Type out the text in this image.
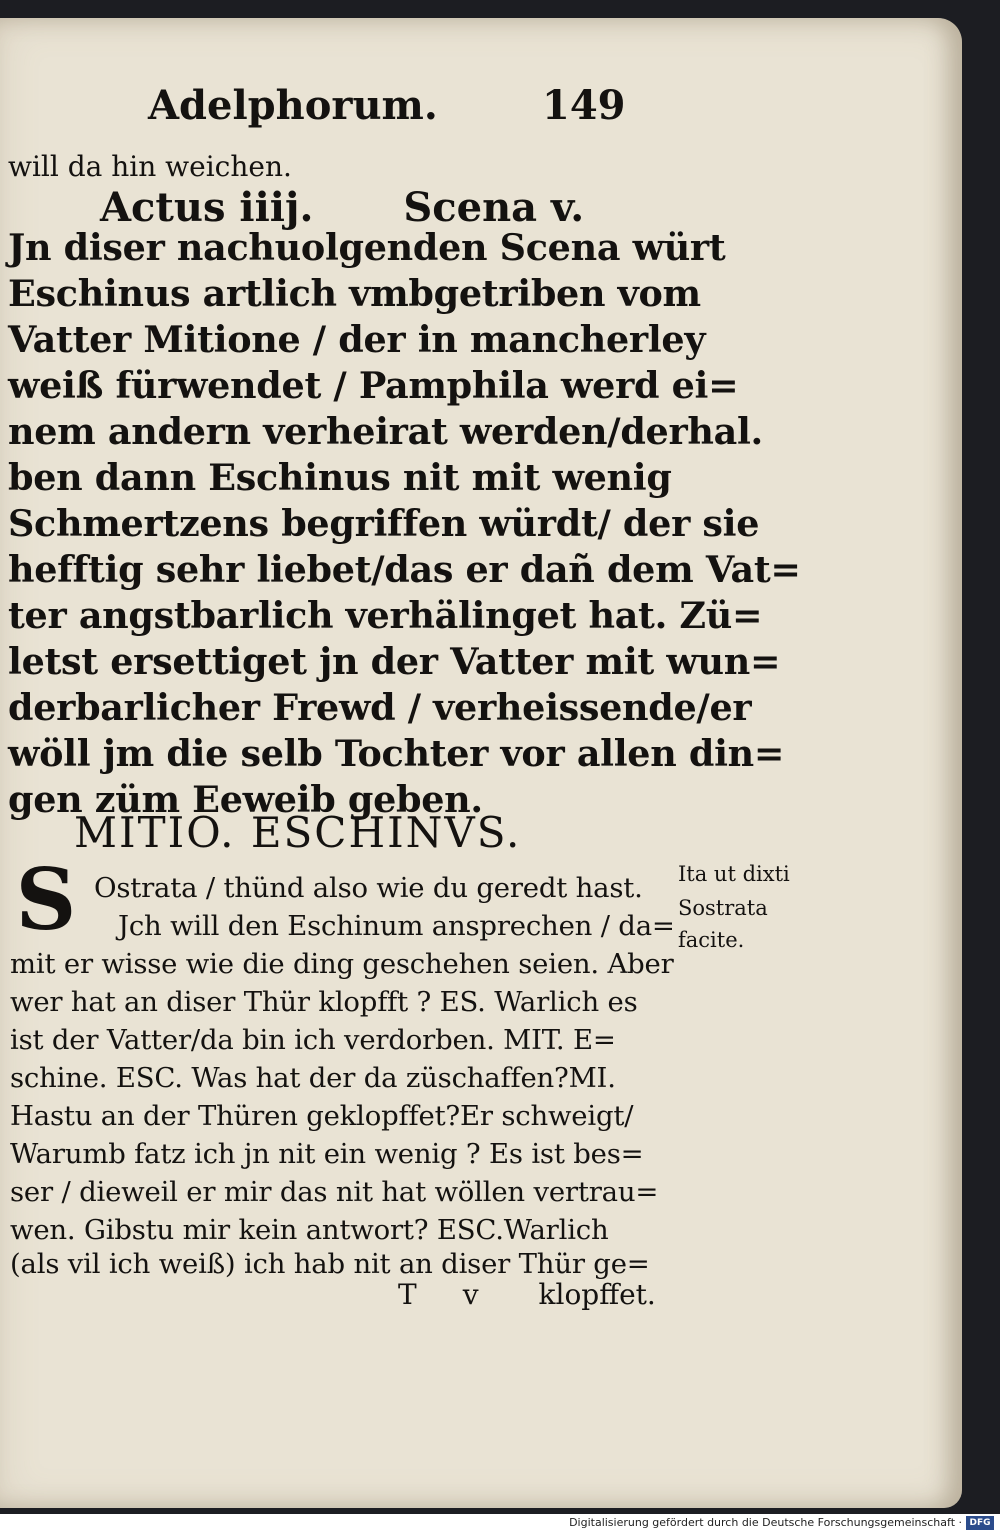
Adelphorum.	149
will da hin weichen.
Actus iiij. Scena v.
Jn diser nachuolgenden Scena würt
Eschinus artlich vmbgetriben vom
Vatter Mitione / der in mancherley
weiß fürwendet / Pamphila werd ei=
nem andern verheirat werden/derhal.
ben dann Eschinus nit mit wenig
Schmertzens begriffen würdt/ der sie
hefftig sehr liebet/das er dañ dem Vat=
ter angstbarlich verhälinget hat. Zü=
letst ersettiget jn der Vatter mit wun=
derbarlicher Frewd / verheissende/er
wöll jm die selb Tochter vor allen din=
gen züm Eeweib geben.
MITIO. ESCHINVS.
S Ostrata / thünd also wie du geredt hast.
Jch will den Eschinum ansprechen / da=
mit er wisse wie die ding geschehen seien. Aber
wer hat an diser Thür klopfft ? ES. Warlich es
ist der Vatter/da bin ich verdorben. MIT. E=
schine. ESC. Was hat der da züschaffen?MI.
Hastu an der Thüren geklopffet?Er schweigt/
Warumb fatz ich jn nit ein wenig ? Es ist bes=
ser / dieweil er mir das nit hat wöllen vertrau=
wen. Gibstu mir kein antwort? ESC.Warlich
(als vil ich weiß) ich hab nit an diser Thür ge=
T v klopffet.
Ita ut dixti
Sostrata
facite.
Digitalisierung gefördert durch die Deutsche Forschungsgemeinschaft · DFG
